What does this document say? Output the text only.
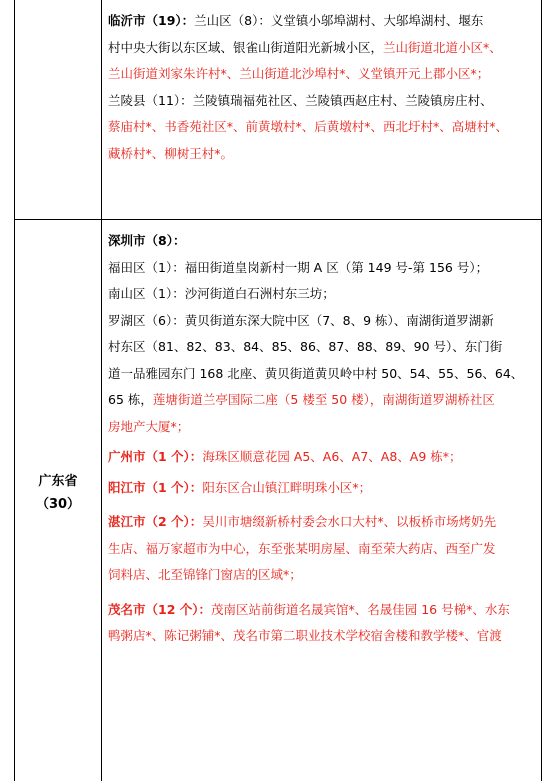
广东省
（30）
临沂市（19）：兰山区（8）：义堂镇小邬埠湖村、大邬埠湖村、堰东
村中央大街以东区域、银雀山街道阳光新城小区，兰山街道北道小区*、
兰山街道刘家朱许村*、兰山街道北沙埠村*、义堂镇开元上郡小区*；
兰陵县（11）：兰陵镇瑞福苑社区、兰陵镇西赵庄村、兰陵镇房庄村、
蔡庙村*、书香苑社区*、前黄墩村*、后黄墩村*、西北圩村*、高塘村*、
藏桥村*、柳树王村*。
深圳市（8）：
福田区（1）：福田街道皇岗新村一期 A 区（第 149 号-第 156 号）；
南山区（1）：沙河街道白石洲村东三坊；
罗湖区（6）：黄贝街道东深大院中区（7、8、9 栋）、南湖街道罗湖新
村东区（81、82、83、84、85、86、87、88、89、90 号）、东门街
道一品雅园东门 168 北座、黄贝街道黄贝岭中村 50、54、55、56、64、
65 栋，莲塘街道兰亭国际二座（5 楼至 50 楼），南湖街道罗湖桥社区
房地产大厦*；
广州市（1 个）：海珠区顺意花园 A5、A6、A7、A8、A9 栋*；
阳江市（1 个）：阳东区合山镇江畔明珠小区*；
湛江市（2 个）：吴川市塘缀新桥村委会水口大村*、以板桥市场烤奶先
生店、福万家超市为中心，东至张某明房屋、南至荣大药店、西至广发
饲料店、北至锦锋门窗店的区域*；
茂名市（12 个）：茂南区站前街道名晟宾馆*、名晟佳园 16 号梯*、水东
鸭粥店*、陈记粥铺*、茂名市第二职业技术学校宿舍楼和教学楼*、官渡
